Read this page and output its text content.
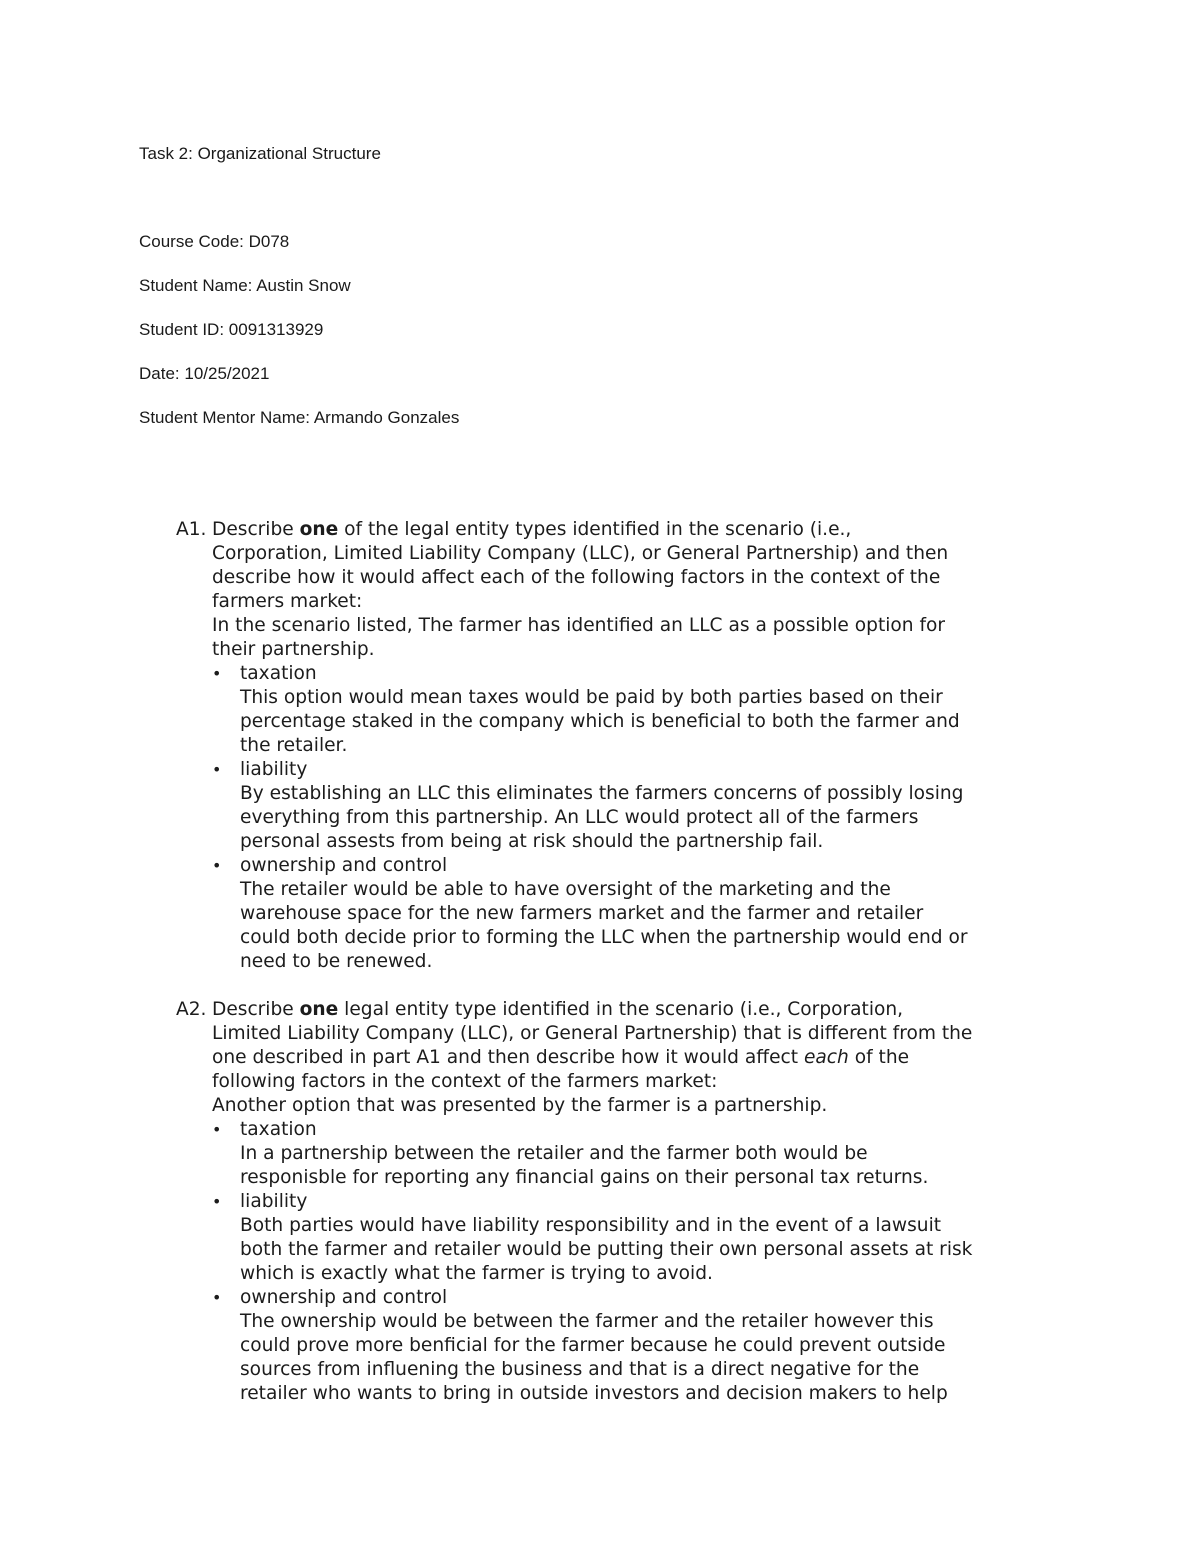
Task 2: Organizational Structure
Course Code: D078
Student Name: Austin Snow
Student ID: 0091313929
Date: 10/25/2021
Student Mentor Name: Armando Gonzales
A1. Describe one of the legal entity types identified in the scenario (i.e.,
Corporation, Limited Liability Company (LLC), or General Partnership) and then
describe how it would affect each of the following factors in the context of the
farmers market:
In the scenario listed, The farmer has identified an LLC as a possible option for
their partnership.
• taxation
This option would mean taxes would be paid by both parties based on their
percentage staked in the company which is beneficial to both the farmer and
the retailer.
• liability
By establishing an LLC this eliminates the farmers concerns of possibly losing
everything from this partnership. An LLC would protect all of the farmers
personal assests from being at risk should the partnership fail.
• ownership and control
The retailer would be able to have oversight of the marketing and the
warehouse space for the new farmers market and the farmer and retailer
could both decide prior to forming the LLC when the partnership would end or
need to be renewed.
A2. Describe one legal entity type identified in the scenario (i.e., Corporation,
Limited Liability Company (LLC), or General Partnership) that is different from the
one described in part A1 and then describe how it would affect each of the
following factors in the context of the farmers market:
Another option that was presented by the farmer is a partnership.
• taxation
In a partnership between the retailer and the farmer both would be
responisble for reporting any financial gains on their personal tax returns.
• liability
Both parties would have liability responsibility and in the event of a lawsuit
both the farmer and retailer would be putting their own personal assets at risk
which is exactly what the farmer is trying to avoid.
• ownership and control
The ownership would be between the farmer and the retailer however this
could prove more benficial for the farmer because he could prevent outside
sources from influening the business and that is a direct negative for the
retailer who wants to bring in outside investors and decision makers to help
